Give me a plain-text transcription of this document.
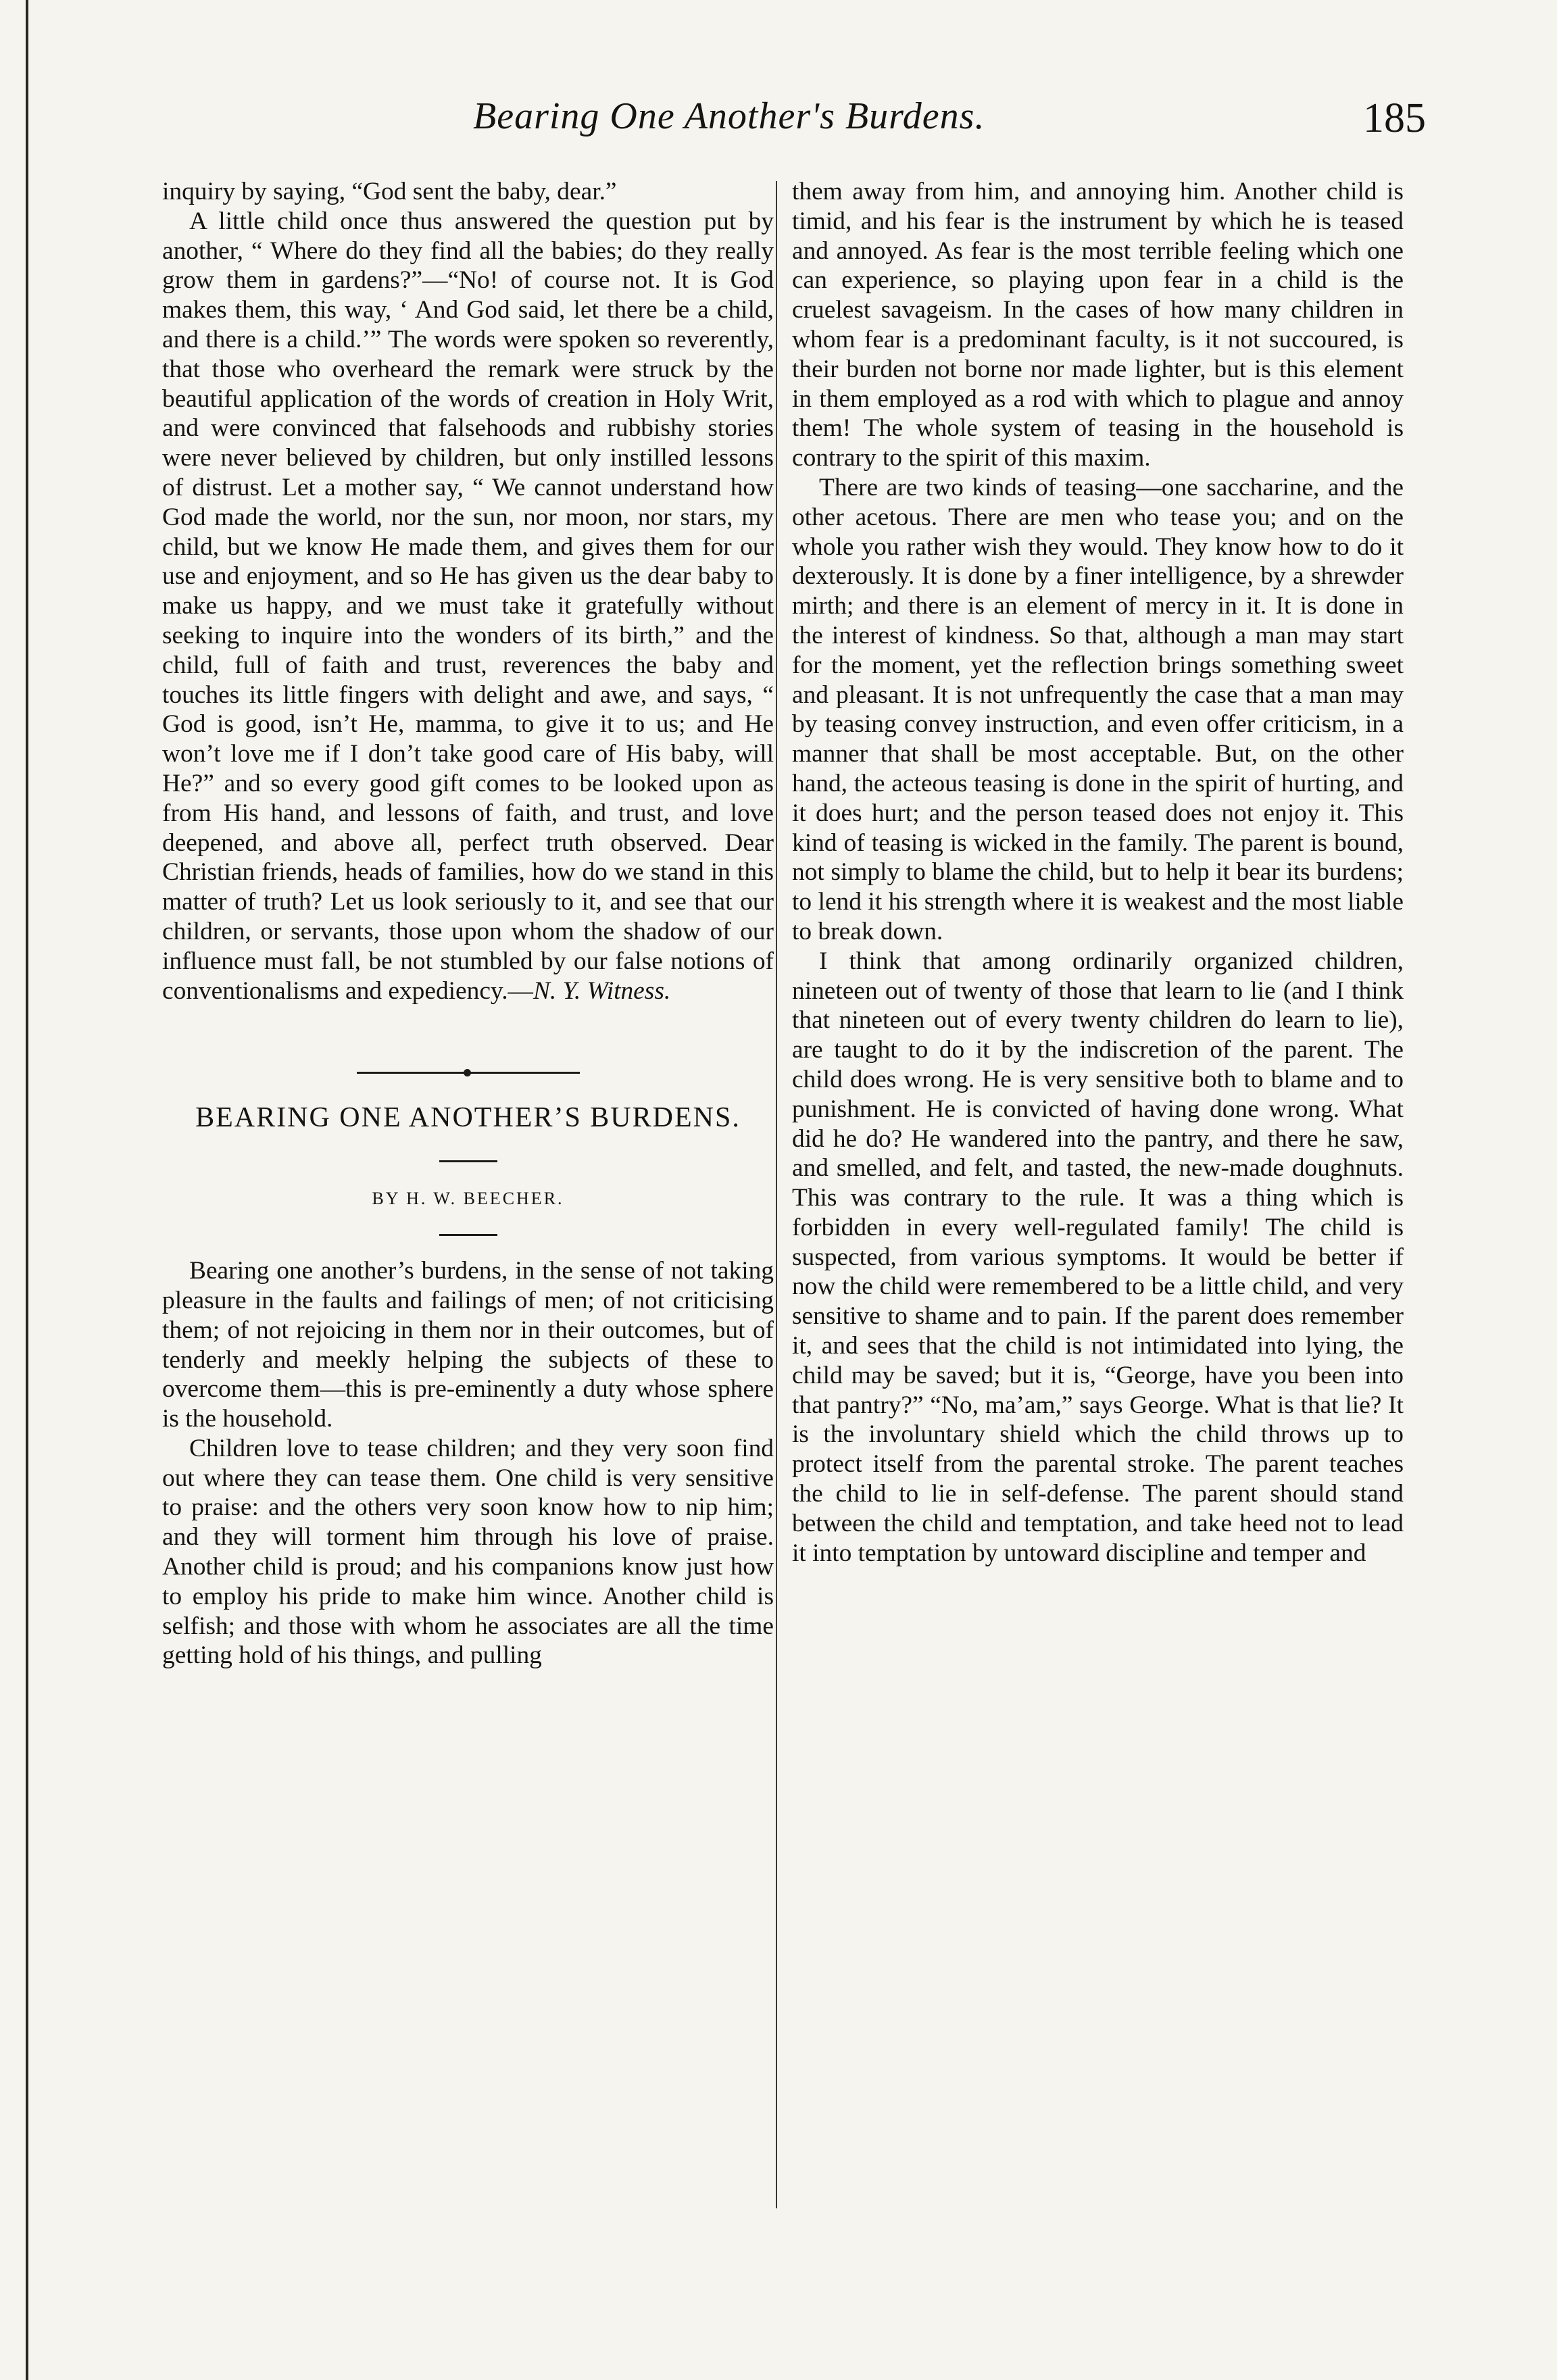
Bearing One Another's Burdens.	185

inquiry by saying, “God sent the baby, dear.”

A little child once thus answered the question put by another, “ Where do they find all the babies; do they really grow them in gardens?”—“No! of course not. It is God makes them, this way, ‘ And God said, let there be a child, and there is a child.’” The words were spoken so reverently, that those who overheard the remark were struck by the beautiful application of the words of creation in Holy Writ, and were convinced that falsehoods and rubbishy stories were never believed by children, but only instilled lessons of distrust. Let a mother say, “ We cannot understand how God made the world, nor the sun, nor moon, nor stars, my child, but we know He made them, and gives them for our use and enjoyment, and so He has given us the dear baby to make us happy, and we must take it gratefully without seeking to inquire into the wonders of its birth,” and the child, full of faith and trust, reverences the baby and touches its little fingers with delight and awe, and says, “ God is good, isn’t He, mamma, to give it to us; and He won’t love me if I don’t take good care of His baby, will He?” and so every good gift comes to be looked upon as from His hand, and lessons of faith, and trust, and love deepened, and above all, perfect truth observed. Dear Christian friends, heads of families, how do we stand in this matter of truth? Let us look seriously to it, and see that our children, or servants, those upon whom the shadow of our influence must fall, be not stumbled by our false notions of conventionalisms and expediency.—N. Y. Witness.

BEARING ONE ANOTHER’S BURDENS.
BY H. W. BEECHER.

Bearing one another’s burdens, in the sense of not taking pleasure in the faults and failings of men; of not criticising them; of not rejoicing in them nor in their outcomes, but of tenderly and meekly helping the subjects of these to overcome them—this is pre-eminently a duty whose sphere is the household.

Children love to tease children; and they very soon find out where they can tease them. One child is very sensitive to praise: and the others very soon know how to nip him; and they will torment him through his love of praise. Another child is proud; and his companions know just how to employ his pride to make him wince. Another child is selfish; and those with whom he associates are all the time getting hold of his things, and pulling

them away from him, and annoying him. Another child is timid, and his fear is the instrument by which he is teased and annoyed. As fear is the most terrible feeling which one can experience, so playing upon fear in a child is the cruelest savageism. In the cases of how many children in whom fear is a predominant faculty, is it not succoured, is their burden not borne nor made lighter, but is this element in them employed as a rod with which to plague and annoy them! The whole system of teasing in the household is contrary to the spirit of this maxim.

There are two kinds of teasing—one saccharine, and the other acetous. There are men who tease you; and on the whole you rather wish they would. They know how to do it dexterously. It is done by a finer intelligence, by a shrewder mirth; and there is an element of mercy in it. It is done in the interest of kindness. So that, although a man may start for the moment, yet the reflection brings something sweet and pleasant. It is not unfrequently the case that a man may by teasing convey instruction, and even offer criticism, in a manner that shall be most acceptable. But, on the other hand, the acteous teasing is done in the spirit of hurting, and it does hurt; and the person teased does not enjoy it. This kind of teasing is wicked in the family. The parent is bound, not simply to blame the child, but to help it bear its burdens; to lend it his strength where it is weakest and the most liable to break down.

I think that among ordinarily organized children, nineteen out of twenty of those that learn to lie (and I think that nineteen out of every twenty children do learn to lie), are taught to do it by the indiscretion of the parent. The child does wrong. He is very sensitive both to blame and to punishment. He is convicted of having done wrong. What did he do? He wandered into the pantry, and there he saw, and smelled, and felt, and tasted, the new-made doughnuts. This was contrary to the rule. It was a thing which is forbidden in every well-regulated family! The child is suspected, from various symptoms. It would be better if now the child were remembered to be a little child, and very sensitive to shame and to pain. If the parent does remember it, and sees that the child is not intimidated into lying, the child may be saved; but it is, “George, have you been into that pantry?” “No, ma’am,” says George. What is that lie? It is the involuntary shield which the child throws up to protect itself from the parental stroke. The parent teaches the child to lie in self-defense. The parent should stand between the child and temptation, and take heed not to lead it into temptation by untoward discipline and temper and
